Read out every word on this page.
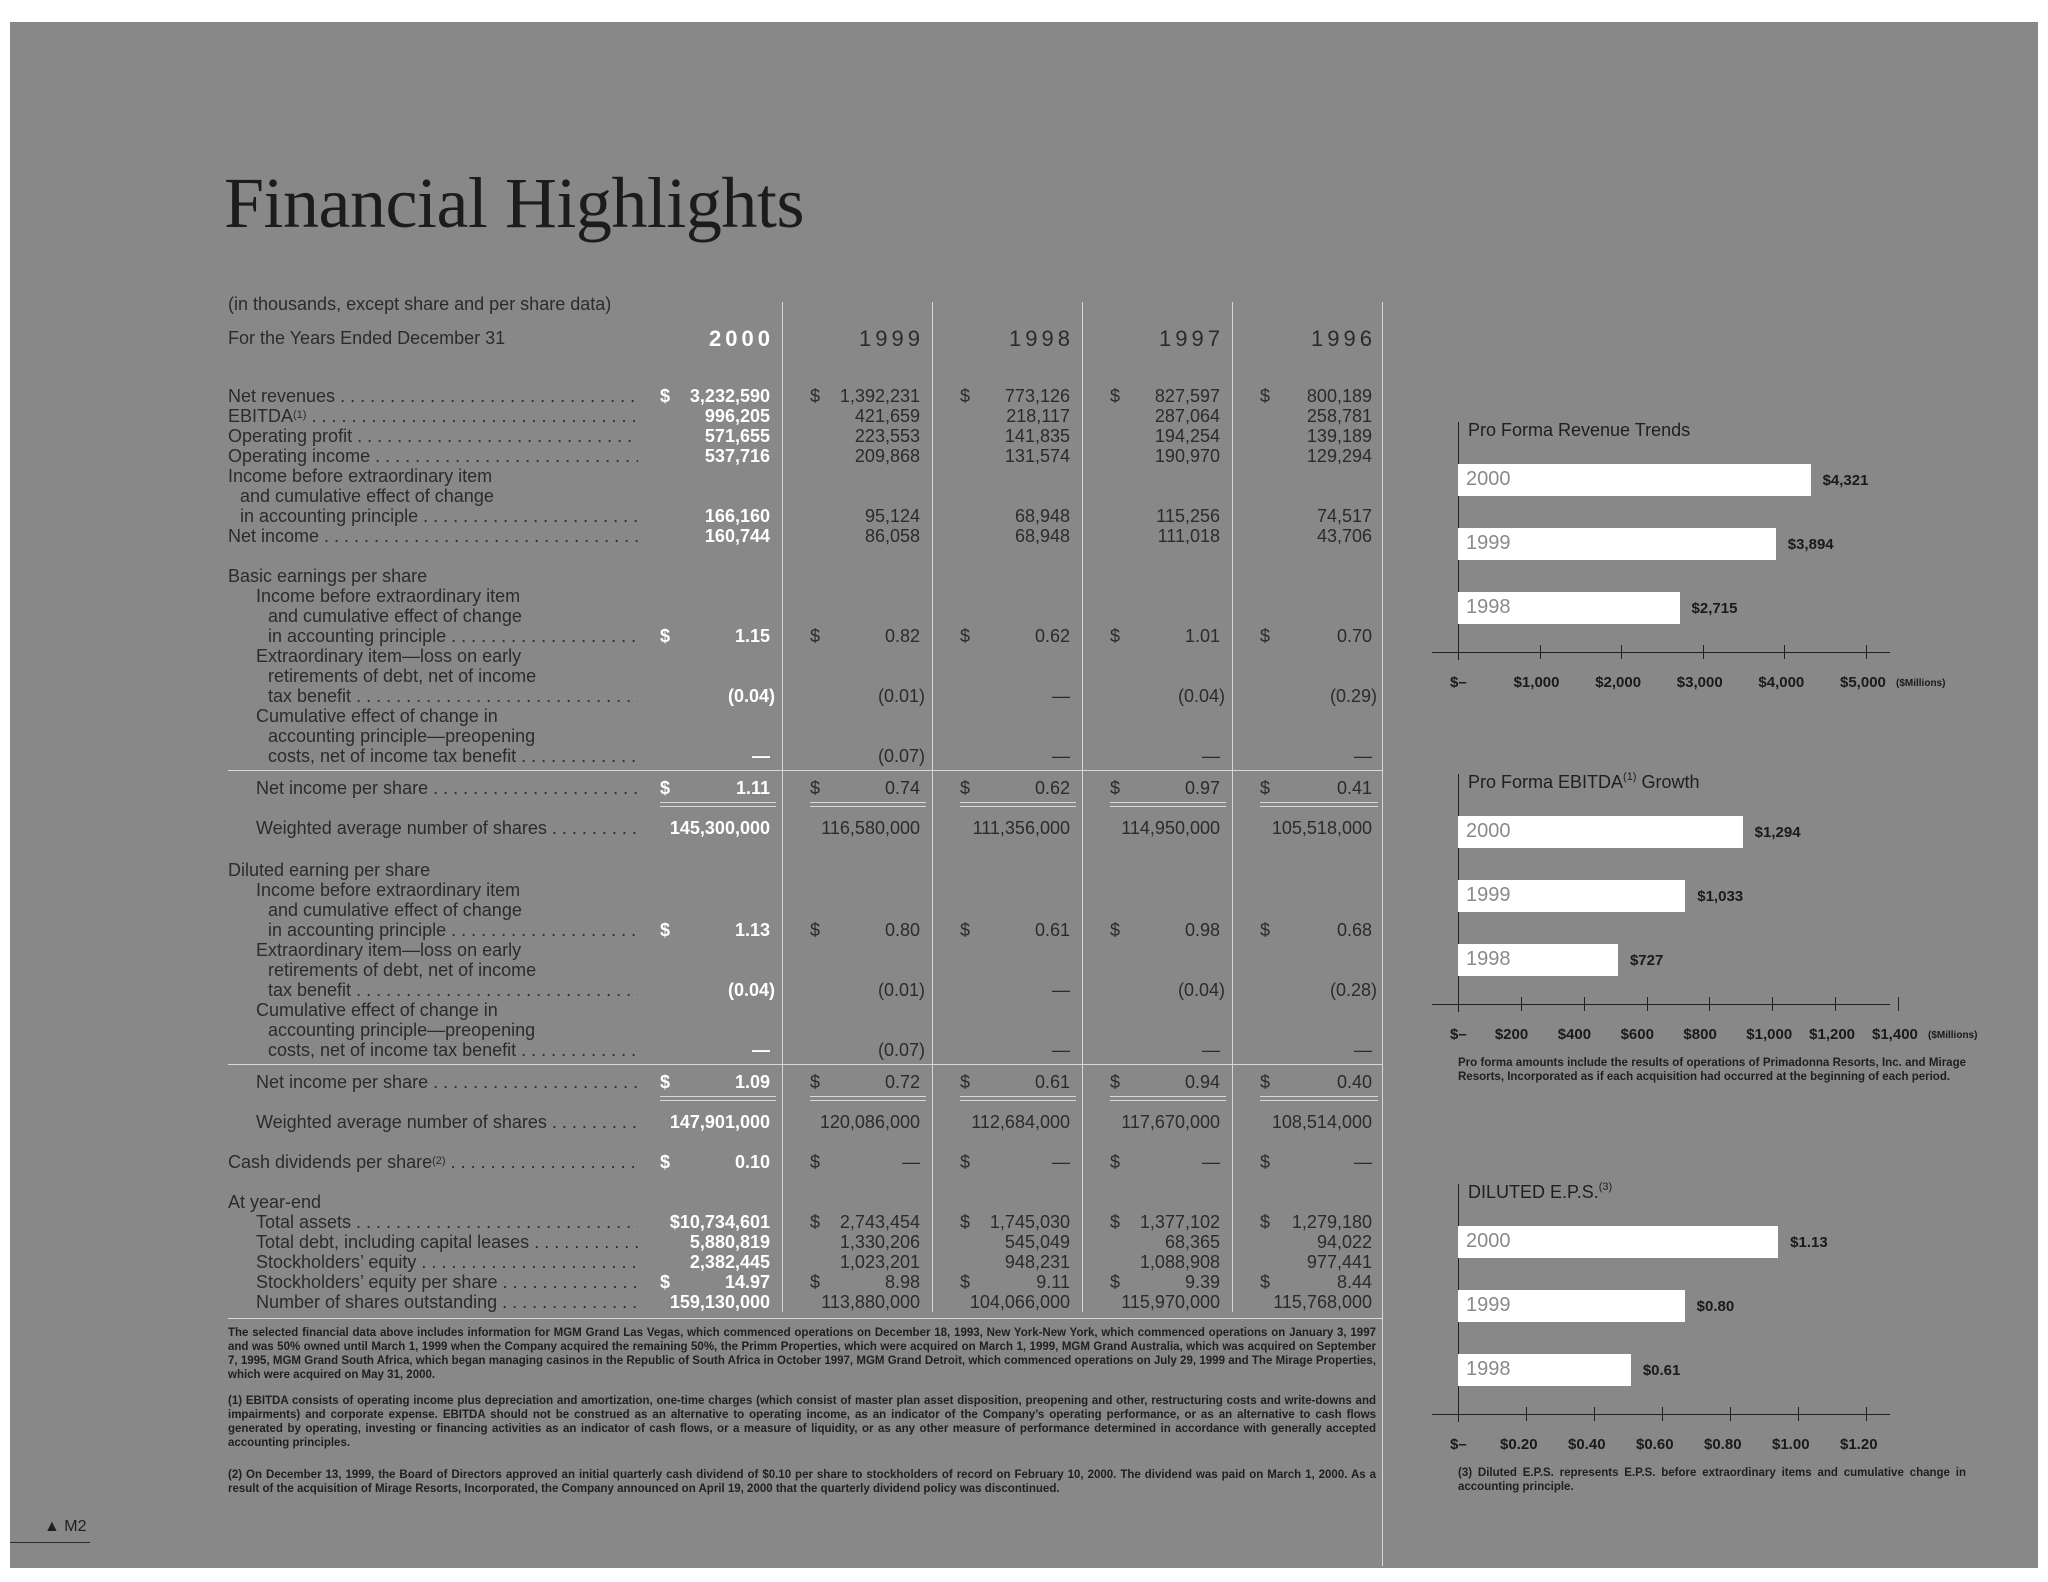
Financial Highlights
(in thousands, except share and per share data)
For the Years Ended December 31	2000	1999	1998	1997	1996
Net revenues . . .	$	3,232,590 $	1,392,231 $	773,126 $	827,597 $	800,189
EBITDA$^{(1)}$ . . .	996,205	421,659	218,117	287,064	258,781
Operating profit . . .	571,655	223,553	141,835	194,254	139,189
Operating income . . .	537,716	209,868	131,574	190,970	129,294
Income before extraordinary item
and cumulative effect of change
in accounting principle . . .	166,160	95,124	68,948	115,256	74,517
Net income . . .	160,744	86,058	68,948	111,018	43,706
Basic earnings per share
Income before extraordinary item
and cumulative effect of change
in accounting principle . . .	$	1.15 $	0.82 $	0.62 $	1.01 $	0.70
Extraordinary item—loss on early
retirements of debt, net of income
tax benefit . . .	(0.04)	(0.01)	—	(0.04)	(0.29)
Cumulative effect of change in
accounting principle—preopening
costs, net of income tax benefit . . .	—	(0.07)	—	—	—
Net income per share . . .	$	1.11 $	0.74 $	0.62 $	0.97 $	0.41
Weighted average number of shares . . .	145,300,000	116,580,000	111,356,000	114,950,000	105,518,000
Diluted earning per share
Income before extraordinary item
and cumulative effect of change
in accounting principle . . .	$	1.13 $	0.80 $	0.61 $	0.98 $	0.68
Extraordinary item—loss on early
retirements of debt, net of income
tax benefit . . .	(0.04)	(0.01)	—	(0.04)	(0.28)
Cumulative effect of change in
accounting principle—preopening
costs, net of income tax benefit . . .	—	(0.07)	—	—	—
Net income per share . . .	$	1.09 $	0.72 $	0.61 $	0.94 $	0.40
Weighted average number of shares . . .	147,901,000	120,086,000	112,684,000	117,670,000	108,514,000
Cash dividends per share$^{(2)}$ . . .	$	0.10 $	— $	— $	— $	—
At year-end
Total assets . . .	$10,734,601 $	2,743,454 $	1,745,030 $	1,377,102 $	1,279,180
Total debt, including capital leases . . .	5,880,819	1,330,206	545,049	68,365	94,022
Stockholders’ equity . . .	2,382,445	1,023,201	948,231	1,088,908	977,441
Stockholders’ equity per share . . .	$	14.97 $	8.98 $	9.11 $	9.39 $	8.44
Number of shares outstanding . . .	159,130,000	113,880,000	104,066,000	115,970,000	115,768,000
The selected financial data above includes information for MGM Grand Las Vegas, which commenced operations on December 18, 1993, New York-New York, which commenced operations on January 3, 1997 and was 50% owned until March 1, 1999 when the Company acquired the remaining 50%, the Primm Properties, which were acquired on March 1, 1999, MGM Grand Australia, which was acquired on September 7, 1995, MGM Grand South Africa, which began managing casinos in the Republic of South Africa in October 1997, MGM Grand Detroit, which commenced operations on July 29, 1999 and The Mirage Properties, which were acquired on May 31, 2000.
(1) EBITDA consists of operating income plus depreciation and amortization, one-time charges (which consist of master plan asset disposition, preopening and other, restructuring costs and write-downs and impairments) and corporate expense. EBITDA should not be construed as an alternative to operating income, as an indicator of the Company’s operating performance, or as an alternative to cash flows generated by operating, investing or financing activities as an indicator of cash flows, or a measure of liquidity, or as any other measure of performance determined in accordance with generally accepted accounting principles.
(2) On December 13, 1999, the Board of Directors approved an initial quarterly cash dividend of $0.10 per share to stockholders of record on February 10, 2000. The dividend was paid on March 1, 2000. As a result of the acquisition of Mirage Resorts, Incorporated, the Company announced on April 19, 2000 that the quarterly dividend policy was discontinued.
Pro Forma Revenue Trends
2000	$4,321
1999	$3,894
1998	$2,715
$–	$1,000 $2,000 $3,000 $4,000 $5,000 ($Millions)
Pro Forma EBITDA$^{(1)}$ Growth
2000	$1,294
1999	$1,033
1998	$727
$– $200 $400 $600 $800 $1,000 $1,200 $1,400 ($Millions)
Pro forma amounts include the results of operations of Primadonna Resorts, Inc. and Mirage Resorts, Incorporated as if each acquisition had occurred at the beginning of each period.
DILUTED E.P.S.$^{(3)}$
2000	$1.13
1999	$0.80
1998	$0.61
$– $0.20 $0.40 $0.60 $0.80 $1.00 $1.20
(3) Diluted E.P.S. represents E.P.S. before extraordinary items and cumulative change in accounting principle.
▲ M2
